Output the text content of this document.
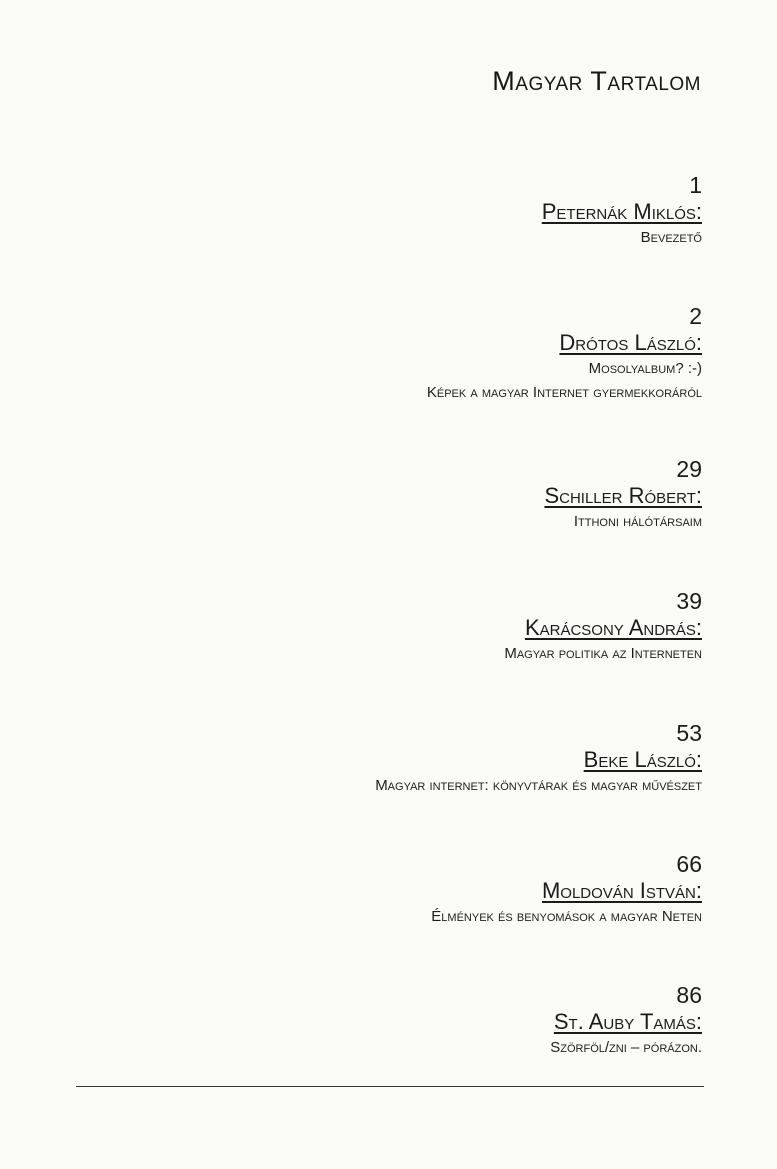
Magyar Tartalom
1
Peternák Miklós:
Bevezető
2
Drótos László:
Mosolyalbum? :-)
Képek a magyar Internet gyermekkoráról
29
Schiller Róbert:
Itthoni hálótársaim
39
Karácsony András:
Magyar politika az Interneten
53
Beke László:
Magyar internet: könyvtárak és magyar művészet
66
Moldován István:
Élmények és benyomások a magyar Neten
86
St. Auby Tamás:
Szörföl/zni – pórázon.
